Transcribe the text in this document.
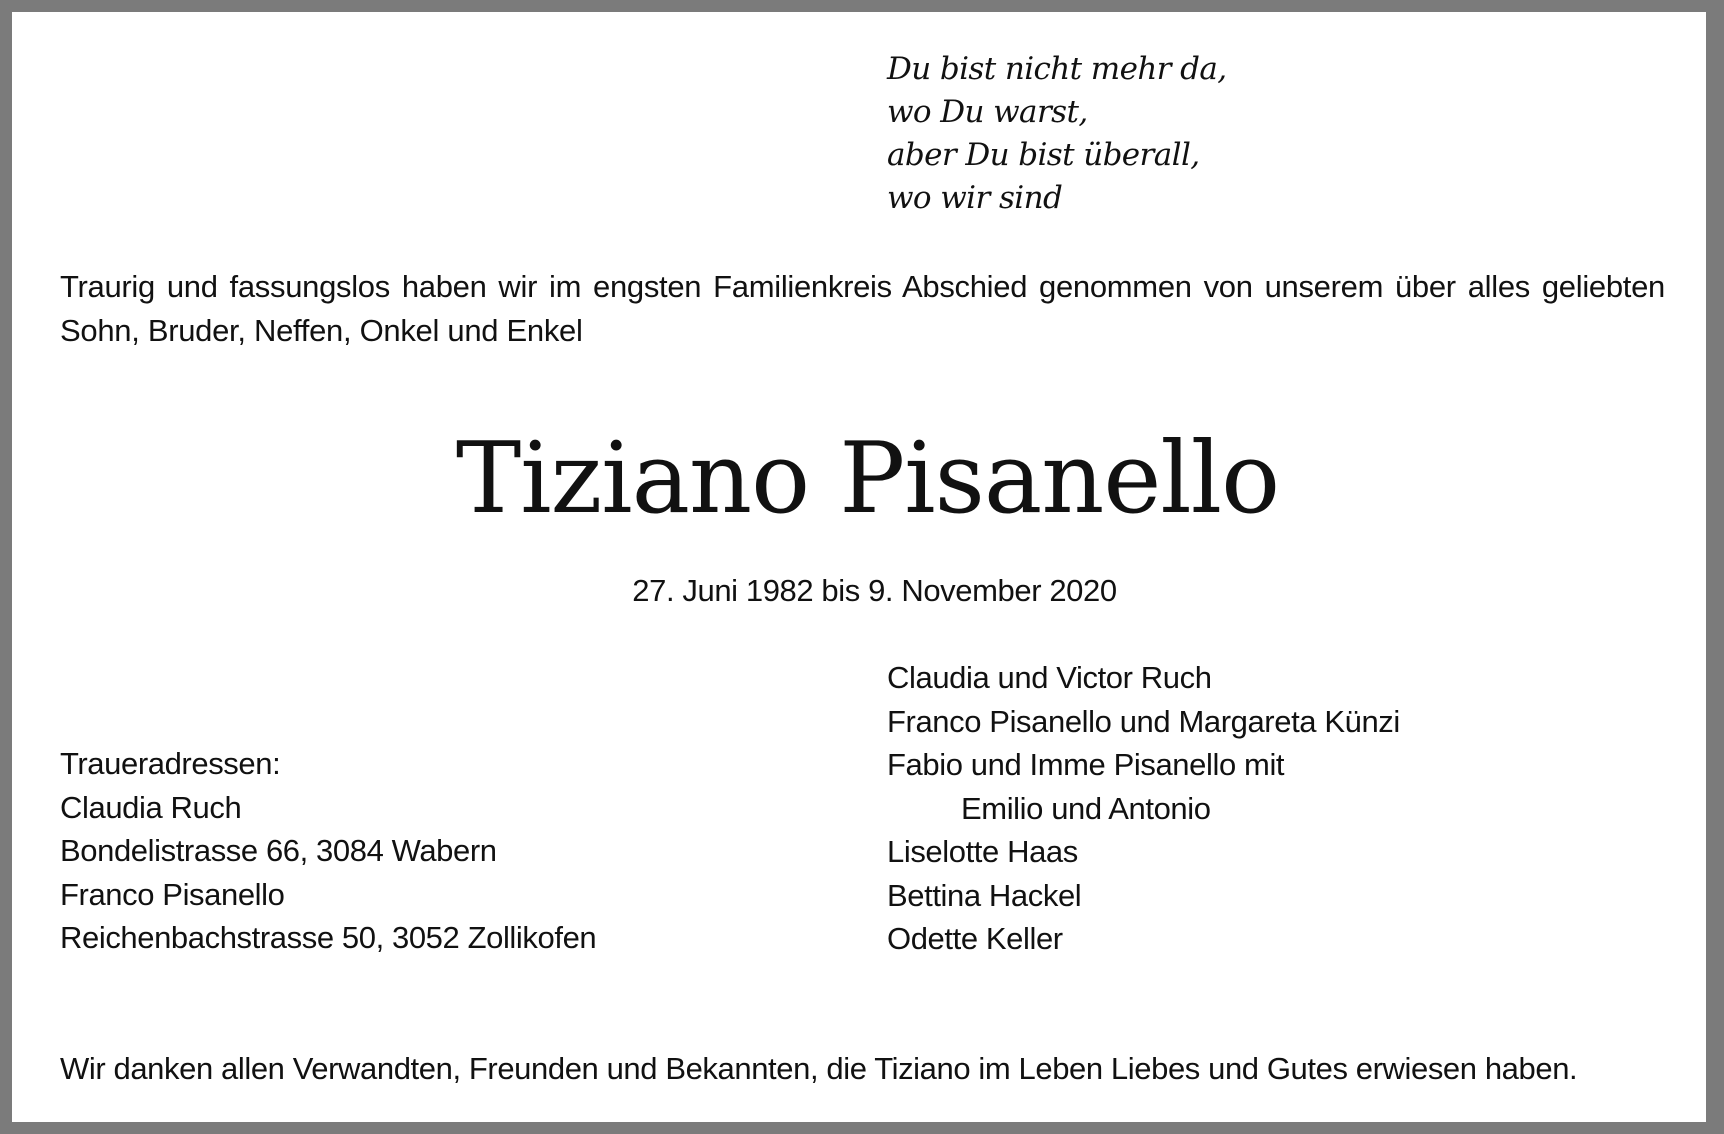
Du bist nicht mehr da,
wo Du warst,
aber Du bist überall,
wo wir sind
Traurig und fassungslos haben wir im engsten Familienkreis Abschied genommen von unserem über alles geliebten Sohn, Bruder, Neffen, Onkel und Enkel
Tiziano Pisanello
27. Juni 1982 bis 9. November 2020
Traueradressen:
Claudia Ruch
Bondelistrasse 66, 3084 Wabern
Franco Pisanello
Reichenbachstrasse 50, 3052 Zollikofen
Claudia und Victor Ruch
Franco Pisanello und Margareta Künzi
Fabio und Imme Pisanello mit
Emilio und Antonio
Liselotte Haas
Bettina Hackel
Odette Keller
Wir danken allen Verwandten, Freunden und Bekannten, die Tiziano im Leben Liebes und Gutes erwiesen haben.
